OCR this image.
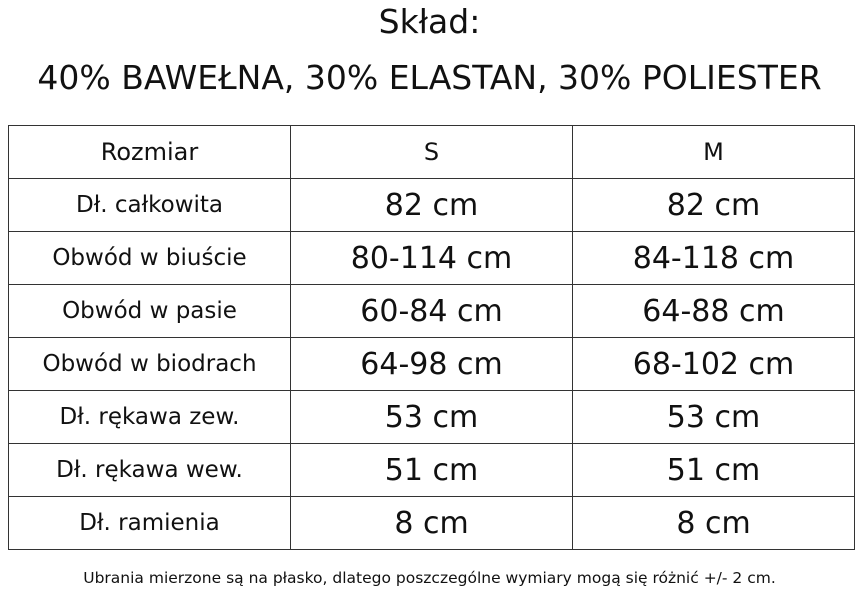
Skład:
40% BAWEŁNA, 30% ELASTAN, 30% POLIESTER
Rozmiar	S	M
Dł. całkowita	82 cm	82 cm
Obwód w biuście	80-114 cm	84-118 cm
Obwód w pasie	60-84 cm	64-88 cm
Obwód w biodrach	64-98 cm	68-102 cm
Dł. rękawa zew.	53 cm	53 cm
Dł. rękawa wew.	51 cm	51 cm
Dł. ramienia	8 cm	8 cm
Ubrania mierzone są na płasko, dlatego poszczególne wymiary mogą się różnić +/- 2 cm.
